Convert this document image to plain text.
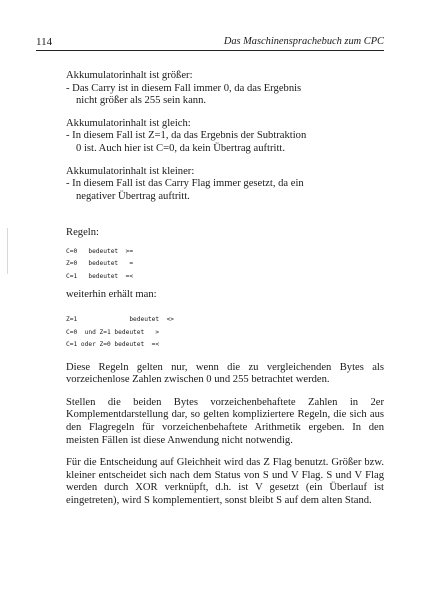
114	Das Maschinensprachebuch zum CPC

Akkumulatorinhalt ist größer:

- Das Carry ist in diesem Fall immer 0, da das Ergebnis

nicht größer als 255 sein kann.

Akkumulatorinhalt ist gleich:

- In diesem Fall ist Z=1, da das Ergebnis der Subtraktion

0 ist. Auch hier ist C=0, da kein Übertrag auftritt.

Akkumulatorinhalt ist kleiner:

- In diesem Fall ist das Carry Flag immer gesetzt, da ein

negativer Übertrag auftritt.

Regeln:

C=0   bedeutet  >=

Z=0   bedeutet   =

C=1   bedeutet  =<

weiterhin erhält man:

Z=1              bedeutet  <>

C=0  und Z=1 bedeutet   >

C=1 oder Z=0 bedeutet  =<

Diese Regeln gelten nur, wenn die zu vergleichenden Bytes als vorzeichenlose Zahlen zwischen 0 und 255 betrachtet werden.

Stellen die beiden Bytes vorzeichenbehaftete Zahlen in 2er Komplementdarstellung dar, so gelten kompliziertere Regeln, die sich aus den Flagregeln für vorzeichenbehaftete Arithmetik ergeben. In den meisten Fällen ist diese Anwendung nicht notwendig.

Für die Entscheidung auf Gleichheit wird das Z Flag benutzt. Größer bzw. kleiner entscheidet sich nach dem Status von S und V Flag. S und V Flag werden durch XOR verknüpft, d.h. ist V gesetzt (ein Überlauf ist eingetreten), wird S komplementiert, sonst bleibt S auf dem alten Stand.
